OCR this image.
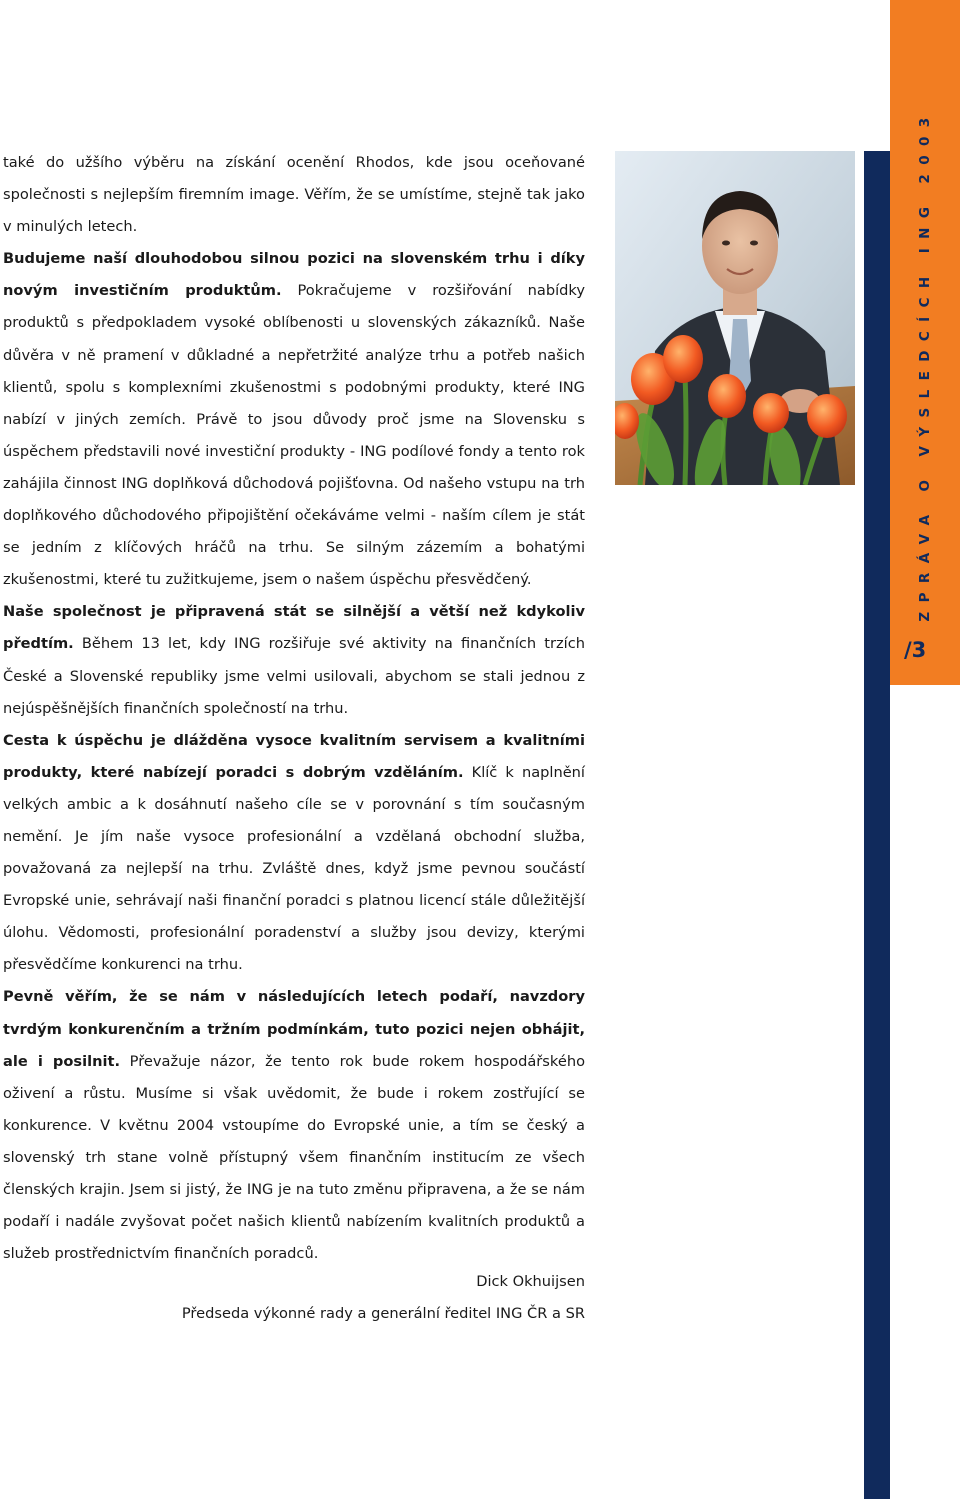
také do užšího výběru na získání ocenění Rhodos, kde jsou oceňované společnosti s nejlepším firemním image. Věřím, že se umístíme, stejně tak jako v minulých letech.

Budujeme naší dlouhodobou silnou pozici na slovenském trhu i díky novým investičním produktům. Pokračujeme v rozšiřování nabídky produktů s předpokladem vysoké oblíbenosti u slovenských zákazníků. Naše důvěra v ně pramení v důkladné a nepřetržité analýze trhu a potřeb našich klientů, spolu s komplexními zkušenostmi s podobnými produkty, které ING nabízí v jiných zemích. Právě to jsou důvody proč jsme na Slovensku s úspěchem představili nové investiční produkty - ING podílové fondy a tento rok zahájila činnost ING doplňková důchodová pojišťovna. Od našeho vstupu na trh doplňkového důchodového připojištění očekáváme velmi - naším cílem je stát se jedním z klíčových hráčů na trhu. Se silným zázemím a bohatými zkušenostmi, které tu zužitkujeme, jsem o našem úspěchu přesvědčený.

Naše společnost je připravená stát se silnější a větší než kdykoliv předtím. Během 13 let, kdy ING rozšiřuje své aktivity na finančních trzích České a Slovenské republiky jsme velmi usilovali, abychom se stali jednou z nejúspěšnějších finančních společností na trhu.

Cesta k úspěchu je dlážděna vysoce kvalitním servisem a kvalitními produkty, které nabízejí poradci s dobrým vzděláním. Klíč k naplnění velkých ambic a k dosáhnutí našeho cíle se v porovnání s tím současným nemění. Je jím naše vysoce profesionální a vzdělaná obchodní služba, považovaná za nejlepší na trhu. Zvláště dnes, když jsme pevnou součástí Evropské unie, sehrávají naši finanční poradci s platnou licencí stále důležitější úlohu. Vědomosti, profesionální poradenství a služby jsou devizy, kterými přesvědčíme konkurenci na trhu.

Pevně věřím, že se nám v následujících letech podaří, navzdory tvrdým konkurenčním a tržním podmínkám, tuto pozici nejen obhájit, ale i posilnit. Převažuje názor, že tento rok bude rokem hospodářského oživení a růstu. Musíme si však uvědomit, že bude i rokem zostřující se konkurence. V květnu 2004 vstoupíme do Evropské unie, a tím se český a slovenský trh stane volně přístupný všem finančním institucím ze všech členských krajin. Jsem si jistý, že ING je na tuto změnu připravena, a že se nám podaří i nadále zvyšovat počet našich klientů nabízením kvalitních produktů a služeb prostřednictvím finančních poradců.

Dick Okhuijsen
Předseda výkonné rady a generální ředitel ING ČR a SR
ZPRÁVA O VÝSLEDCÍCH ING 2003
/3
